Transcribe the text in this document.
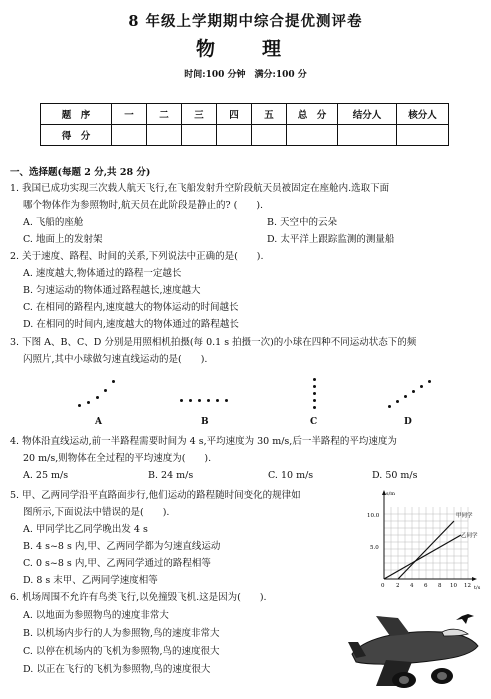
8 年级上学期期中综合提优测评卷
物　理
时间:100 分钟　满分:100 分
题　序	一	二	三	四	五	总　分	结分人	核分人
得　分								
一、选择题(每题 2 分,共 28 分)
1. 我国已成功实现三次载人航天飞行,在飞船发射升空阶段航天员被固定在座舱内.选取下面
哪个物体作为参照物时,航天员在此阶段是静止的? (　　).
A. 飞船的座舱	B. 天空中的云朵
C. 地面上的发射架	D. 太平洋上跟踪监测的测量船
2. 关于速度、路程、时间的关系,下列说法中正确的是(　　).
A. 速度越大,物体通过的路程一定越长
B. 匀速运动的物体通过路程越长,速度越大
C. 在相同的路程内,速度越大的物体运动的时间越长
D. 在相同的时间内,速度越大的物体通过的路程越长
3. 下图 A、B、C、D 分别是用照相机拍摄(每 0.1 s 拍摄一次)的小球在四种不同运动状态下的频
闪照片,其中小球做匀速直线运动的是(　　).
A	B	C	D
4. 物体沿直线运动,前一半路程需要时间为 4 s,平均速度为 30 m/s,后一半路程的平均速度为
20 m/s,则物体在全过程的平均速度为(　　).
A. 25 m/s	B. 24 m/s	C. 10 m/s	D. 50 m/s
5. 甲、乙两同学沿平直路面步行,他们运动的路程随时间变化的规律如
图所示,下面说法中错误的是(　　).
A. 甲同学比乙同学晚出发 4 s
B. 4 s~8 s 内,甲、乙两同学都为匀速直线运动
C. 0 s~8 s 内,甲、乙两同学通过的路程相等
D. 8 s 末甲、乙两同学速度相等
s/m
t/s
10.0
5.0
0 2 4 6 8 10 12
甲同学
乙同学
6. 机场周围不允许有鸟类飞行,以免撞毁飞机.这是因为(　　).
A. 以地面为参照物鸟的速度非常大
B. 以机场内步行的人为参照物,鸟的速度非常大
C. 以停在机场内的飞机为参照物,鸟的速度很大
D. 以正在飞行的飞机为参照物,鸟的速度很大
